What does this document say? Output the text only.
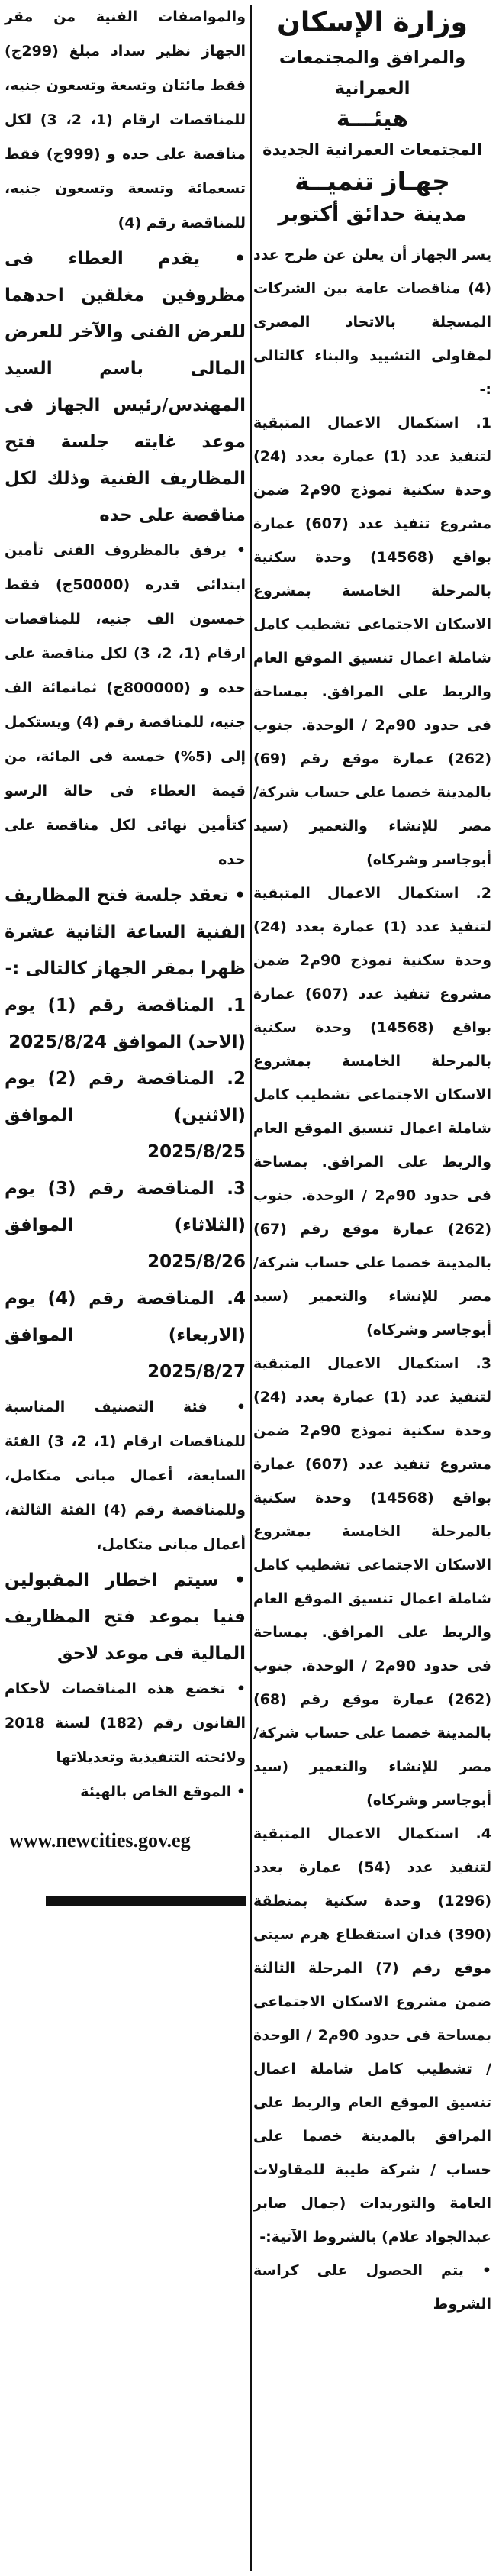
وزارة الإسكان
والمرافق والمجتمعات العمرانية
هيئـــة
المجتمعات العمرانية الجديدة
جهـاز تنميــة
مدينة حدائق أكتوبر

يسر الجهاز أن يعلن عن طرح عدد (4) مناقصات عامة بين الشركات المسجلة بالاتحاد المصرى لمقاولى التشييد والبناء كالتالى :-

1. استكمال الاعمال المتبقية لتنفيذ عدد (1) عمارة بعدد (24) وحدة سكنية نموذج 90م2 ضمن مشروع تنفيذ عدد (607) عمارة بواقع (14568) وحدة سكنية بالمرحلة الخامسة بمشروع الاسكان الاجتماعى تشطيب كامل شاملة اعمال تنسيق الموقع العام والربط على المرافق. بمساحة فى حدود 90م2 / الوحدة. جنوب (262) عمارة موقع رقم (69) بالمدينة خصما على حساب شركة/ مصر للإنشاء والتعمير (سيد أبوجاسر وشركاه)

2. استكمال الاعمال المتبقية لتنفيذ عدد (1) عمارة بعدد (24) وحدة سكنية نموذج 90م2 ضمن مشروع تنفيذ عدد (607) عمارة بواقع (14568) وحدة سكنية بالمرحلة الخامسة بمشروع الاسكان الاجتماعى تشطيب كامل شاملة اعمال تنسيق الموقع العام والربط على المرافق. بمساحة فى حدود 90م2 / الوحدة. جنوب (262) عمارة موقع رقم (67) بالمدينة خصما على حساب شركة/ مصر للإنشاء والتعمير (سيد أبوجاسر وشركاه)

3. استكمال الاعمال المتبقية لتنفيذ عدد (1) عمارة بعدد (24) وحدة سكنية نموذج 90م2 ضمن مشروع تنفيذ عدد (607) عمارة بواقع (14568) وحدة سكنية بالمرحلة الخامسة بمشروع الاسكان الاجتماعى تشطيب كامل شاملة اعمال تنسيق الموقع العام والربط على المرافق. بمساحة فى حدود 90م2 / الوحدة. جنوب (262) عمارة موقع رقم (68) بالمدينة خصما على حساب شركة/ مصر للإنشاء والتعمير (سيد أبوجاسر وشركاه)

4. استكمال الاعمال المتبقية لتنفيذ عدد (54) عمارة بعدد (1296) وحدة سكنية بمنطقة (390) فدان استقطاع هرم سيتى موقع رقم (7) المرحلة الثالثة ضمن مشروع الاسكان الاجتماعى بمساحة فى حدود 90م2 / الوحدة / تشطيب كامل شاملة اعمال تنسيق الموقع العام والربط على المرافق بالمدينة خصما على حساب / شركة طيبة للمقاولات العامة والتوريدات (جمال صابر عبدالجواد علام) بالشروط الآتية:-

• يتم الحصول على كراسة الشروط

والمواصفات الفنية من مقر الجهاز نظير سداد مبلغ (299ج) فقط مائتان وتسعة وتسعون جنيه، للمناقصات ارقام (1، 2، 3) لكل مناقصة على حده و (999ج) فقط تسعمائة وتسعة وتسعون جنيه، للمناقصة رقم (4)

• يقدم العطاء فى مظروفين مغلقين احدهما للعرض الفنى والآخر للعرض المالى باسم السيد المهندس/رئيس الجهاز فى موعد غايته جلسة فتح المظاريف الفنية وذلك لكل مناقصة على حده

• يرفق بالمظروف الفنى تأمين ابتدائى قدره (50000ج) فقط خمسون الف جنيه، للمناقصات ارقام (1، 2، 3) لكل مناقصة على حده و (800000ج) ثمانمائة الف جنيه، للمناقصة رقم (4) ويستكمل إلى (5%) خمسة فى المائة، من قيمة العطاء فى حالة الرسو كتأمين نهائى لكل مناقصة على حده

• تعقد جلسة فتح المظاريف الفنية الساعة الثانية عشرة ظهرا بمقر الجهاز كالتالى :-

1. المناقصة رقم (1) يوم (الاحد) الموافق 2025/8/24

2. المناقصة رقم (2) يوم (الاثنين) الموافق 2025/8/25

3. المناقصة رقم (3) يوم (الثلاثاء) الموافق 2025/8/26

4. المناقصة رقم (4) يوم (الاربعاء) الموافق 2025/8/27

• فئة التصنيف المناسبة للمناقصات ارقام (1، 2، 3) الفئة السابعة، أعمال مبانى متكامل، وللمناقصة رقم (4) الفئة الثالثة، أعمال مبانى متكامل،

• سيتم اخطار المقبولين فنيا بموعد فتح المظاريف المالية فى موعد لاحق

• تخضع هذه المناقصات لأحكام القانون رقم (182) لسنة 2018 ولائحته التنفيذية وتعديلاتها

• الموقع الخاص بالهيئة

www.newcities.gov.eg
